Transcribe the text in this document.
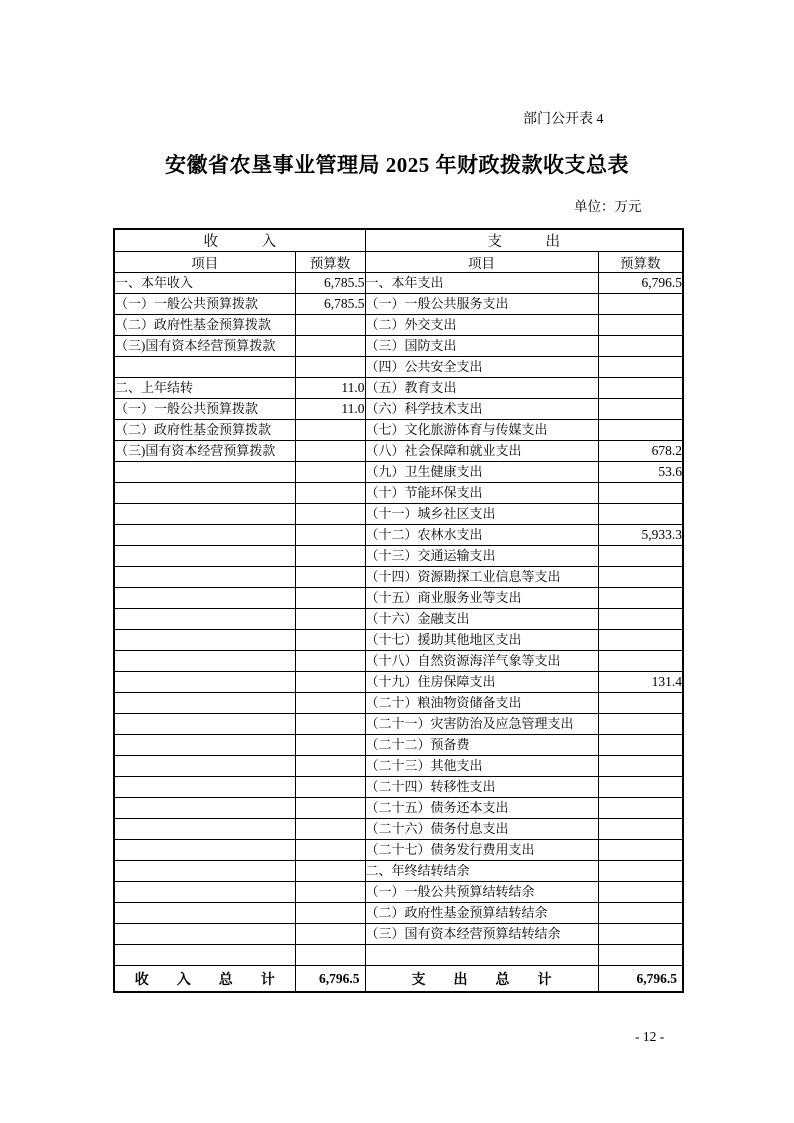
部门公开表 4
安徽省农垦事业管理局 2025 年财政拨款收支总表
单位：万元
收　　　入		支　　　出	
项目	预算数	项目	预算数
一、本年收入	6,785.5	一、本年支出	6,796.5
（一）一般公共预算拨款	6,785.5	（一）一般公共服务支出	
（二）政府性基金预算拨款		（二）外交支出	
（三)国有资本经营预算拨款		（三）国防支出	
		（四）公共安全支出	
二、上年结转	11.0	（五）教育支出	
（一）一般公共预算拨款	11.0	（六）科学技术支出	
（二）政府性基金预算拨款		（七）文化旅游体育与传媒支出	
（三)国有资本经营预算拨款		（八）社会保障和就业支出	678.2
		（九）卫生健康支出	53.6
		（十）节能环保支出	
		（十一）城乡社区支出	
		（十二）农林水支出	5,933.3
		（十三）交通运输支出	
		（十四）资源勘探工业信息等支出	
		（十五）商业服务业等支出	
		（十六）金融支出	
		（十七）援助其他地区支出	
		（十八）自然资源海洋气象等支出	
		（十九）住房保障支出	131.4
		（二十）粮油物资储备支出	
		（二十一）灾害防治及应急管理支出	
		（二十二）预备费	
		（二十三）其他支出	
		（二十四）转移性支出	
		（二十五）债务还本支出	
		（二十六）债务付息支出	
		（二十七）债务发行费用支出	
		二、年终结转结余	
		（一）一般公共预算结转结余	
		（二）政府性基金预算结转结余	
		（三）国有资本经营预算结转结余	

收　　入　　总　　计	6,796.5	支　　出　　总　　计	6,796.5
- 12 -
